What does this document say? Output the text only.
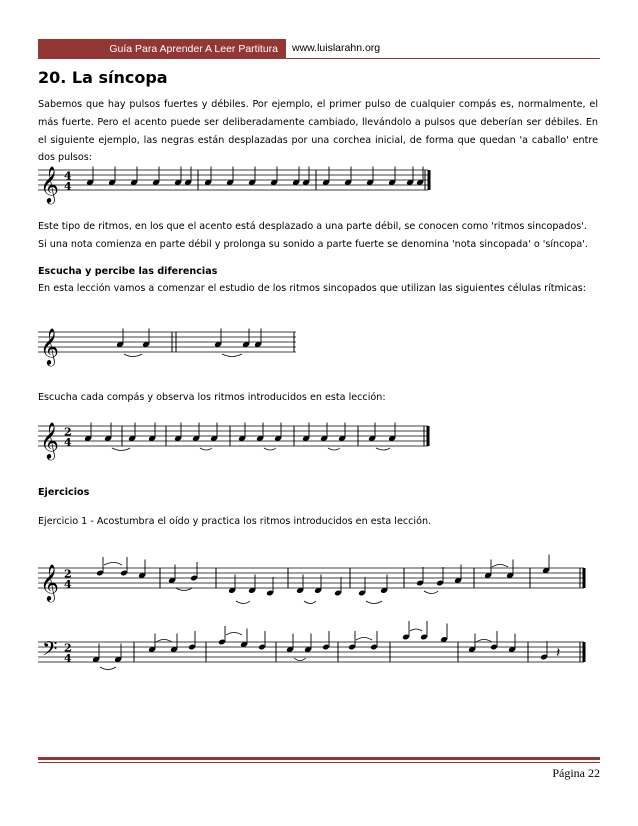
Guía Para Aprender A Leer Partitura	www.luislarahn.org
20. La síncopa

Sabemos que hay pulsos fuertes y débiles. Por ejemplo, el primer pulso de cualquier compás es, normalmente, el más fuerte. Pero el acento puede ser deliberadamente cambiado, llevándolo a pulsos que deberían ser débiles. En el siguiente ejemplo, las negras están desplazadas por una corchea inicial, de forma que quedan 'a caballo' entre dos pulsos:

𝄞 4
4

Este tipo de ritmos, en los que el acento está desplazado a una parte débil, se conocen como 'ritmos sincopados'.

Si una nota comienza en parte débil y prolonga su sonido a parte fuerte se denomina 'nota sincopada' o 'síncopa'.

Escucha y percibe las diferencias

En esta lección vamos a comenzar el estudio de los ritmos sincopados que utilizan las siguientes células rítmicas:

𝄞

Escucha cada compás y observa los ritmos introducidos en esta lección:

𝄞 2
4

Ejercicios

Ejercicio 1 - Acostumbra el oído y practica los ritmos introducidos en esta lección.

𝄞 2
4
𝄢 2
4	𝄽
Página 22
